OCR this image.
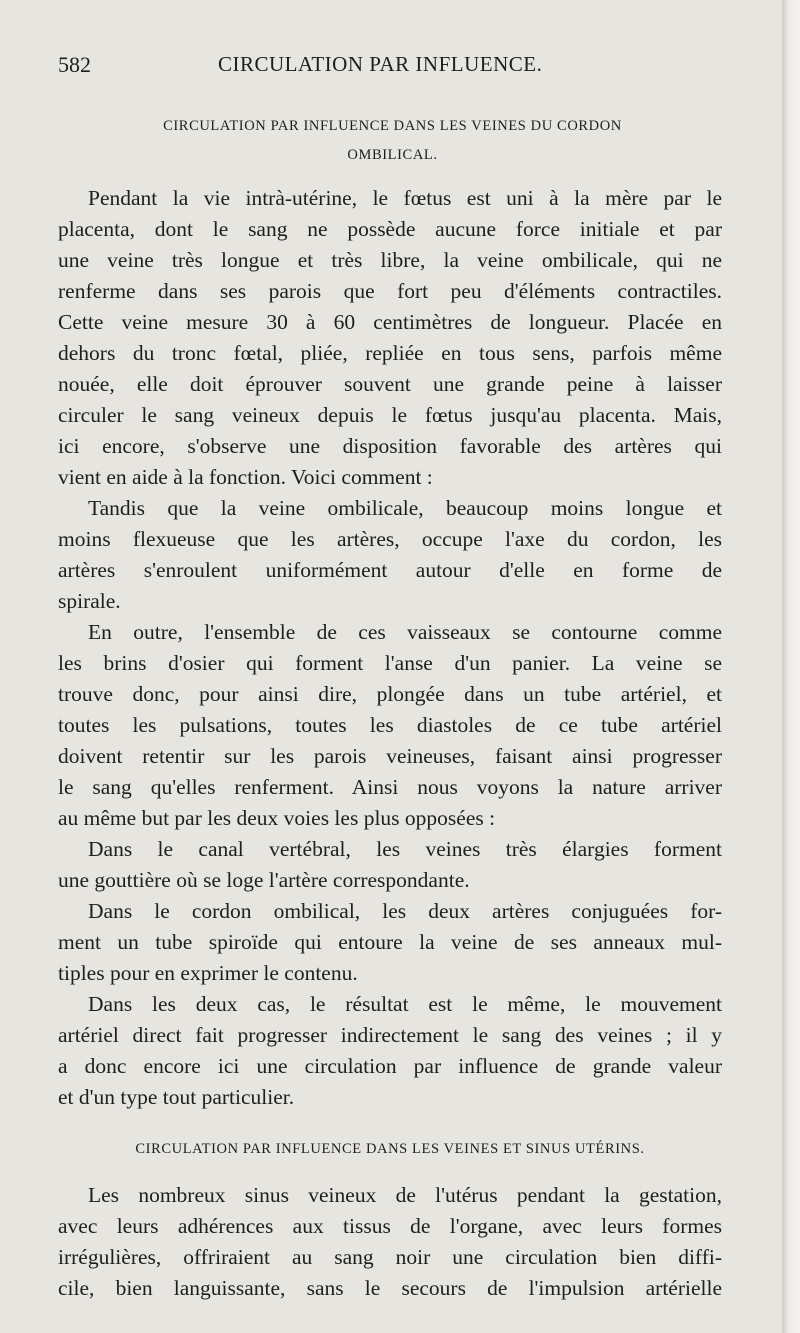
582	CIRCULATION PAR INFLUENCE.
CIRCULATION PAR INFLUENCE DANS LES VEINES DU CORDON
OMBILICAL.
Pendant la vie intrà-utérine, le fœtus est uni à la mère par le
placenta, dont le sang ne possède aucune force initiale et par
une veine très longue et très libre, la veine ombilicale, qui ne
renferme dans ses parois que fort peu d'éléments contractiles.
Cette veine mesure 30 à 60 centimètres de longueur. Placée en
dehors du tronc fœtal, pliée, repliée en tous sens, parfois même
nouée, elle doit éprouver souvent une grande peine à laisser
circuler le sang veineux depuis le fœtus jusqu'au placenta. Mais,
ici encore, s'observe une disposition favorable des artères qui
vient en aide à la fonction. Voici comment :
Tandis que la veine ombilicale, beaucoup moins longue et
moins flexueuse que les artères, occupe l'axe du cordon, les
artères s'enroulent uniformément autour d'elle en forme de
spirale.
En outre, l'ensemble de ces vaisseaux se contourne comme
les brins d'osier qui forment l'anse d'un panier. La veine se
trouve donc, pour ainsi dire, plongée dans un tube artériel, et
toutes les pulsations, toutes les diastoles de ce tube artériel
doivent retentir sur les parois veineuses, faisant ainsi progresser
le sang qu'elles renferment. Ainsi nous voyons la nature arriver
au même but par les deux voies les plus opposées :
Dans le canal vertébral, les veines très élargies forment
une gouttière où se loge l'artère correspondante.
Dans le cordon ombilical, les deux artères conjuguées for-
ment un tube spiroïde qui entoure la veine de ses anneaux mul-
tiples pour en exprimer le contenu.
Dans les deux cas, le résultat est le même, le mouvement
artériel direct fait progresser indirectement le sang des veines ; il y
a donc encore ici une circulation par influence de grande valeur
et d'un type tout particulier.
CIRCULATION PAR INFLUENCE DANS LES VEINES ET SINUS UTÉRINS.
Les nombreux sinus veineux de l'utérus pendant la gestation,
avec leurs adhérences aux tissus de l'organe, avec leurs formes
irrégulières, offriraient au sang noir une circulation bien diffi-
cile, bien languissante, sans le secours de l'impulsion artérielle
